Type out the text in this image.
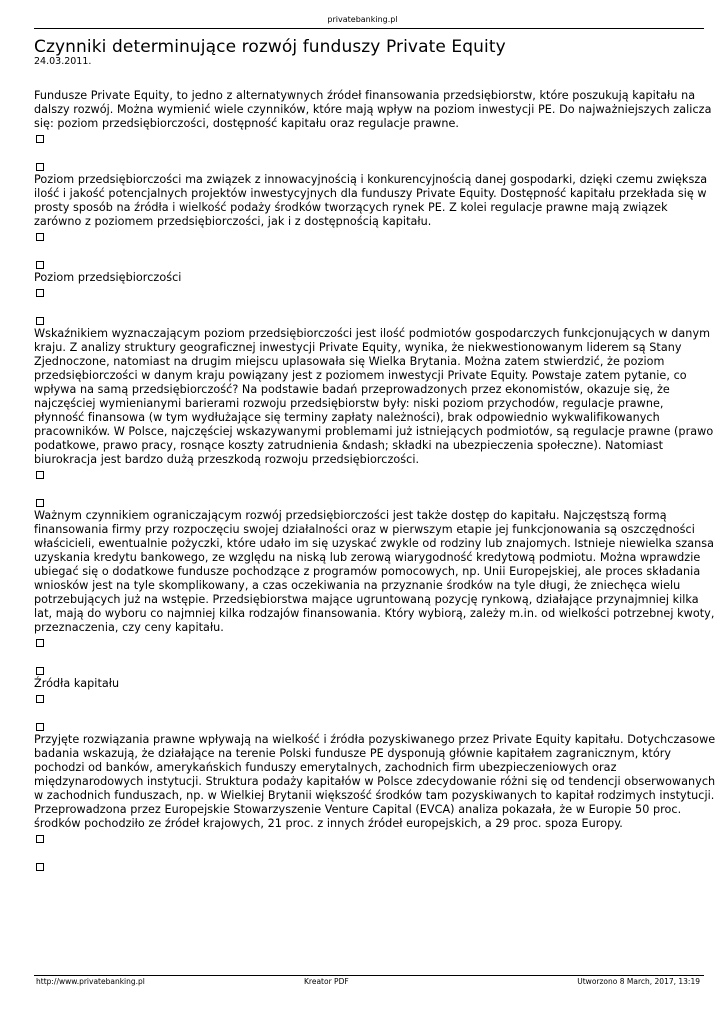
privatebanking.pl
Czynniki determinujące rozwój funduszy Private Equity
24.03.2011.

Fundusze Private Equity, to jedno z alternatywnych źródeł finansowania przedsiębiorstw, które poszukują kapitału na dalszy rozwój. Można wymienić wiele czynników, które mają wpływ na poziom inwestycji PE. Do najważniejszych zalicza się: poziom przedsiębiorczości, dostępność kapitału oraz regulacje prawne.

Poziom przedsiębiorczości ma związek z innowacyjnością i konkurencyjnością danej gospodarki, dzięki czemu zwiększa ilość i jakość potencjalnych projektów inwestycyjnych dla funduszy Private Equity. Dostępność kapitału przekłada się w prosty sposób na źródła i wielkość podaży środków tworzących rynek PE. Z kolei regulacje prawne mają związek zarówno z poziomem przedsiębiorczości, jak i z dostępnością kapitału.

Poziom przedsiębiorczości

Wskaźnikiem wyznaczającym poziom przedsiębiorczości jest ilość podmiotów gospodarczych funkcjonujących w danym kraju. Z analizy struktury geograficznej inwestycji Private Equity, wynika, że niekwestionowanym liderem są Stany Zjednoczone, natomiast na drugim miejscu uplasowała się Wielka Brytania. Można zatem stwierdzić, że poziom przedsiębiorczości w danym kraju powiązany jest z poziomem inwestycji Private Equity. Powstaje zatem pytanie, co wpływa na samą przedsiębiorczość? Na podstawie badań przeprowadzonych przez ekonomistów, okazuje się, że najczęściej wymienianymi barierami rozwoju przedsiębiorstw były: niski poziom przychodów, regulacje prawne, płynność finansowa (w tym wydłużające się terminy zapłaty należności), brak odpowiednio wykwalifikowanych pracowników. W Polsce, najczęściej wskazywanymi problemami już istniejących podmiotów, są regulacje prawne (prawo podatkowe, prawo pracy, rosnące koszty zatrudnienia &ndash; składki na ubezpieczenia społeczne). Natomiast biurokracja jest bardzo dużą przeszkodą rozwoju przedsiębiorczości.

Ważnym czynnikiem ograniczającym rozwój przedsiębiorczości jest także dostęp do kapitału. Najczęstszą formą finansowania firmy przy rozpoczęciu swojej działalności oraz w pierwszym etapie jej funkcjonowania są oszczędności właścicieli, ewentualnie pożyczki, które udało im się uzyskać zwykle od rodziny lub znajomych. Istnieje niewielka szansa uzyskania kredytu bankowego, ze względu na niską lub zerową wiarygodność kredytową podmiotu. Można wprawdzie ubiegać się o dodatkowe fundusze pochodzące z programów pomocowych, np. Unii Europejskiej, ale proces składania wniosków jest na tyle skomplikowany, a czas oczekiwania na przyznanie środków na tyle długi, że zniechęca wielu potrzebujących już na wstępie. Przedsiębiorstwa mające ugruntowaną pozycję rynkową, działające przynajmniej kilka lat, mają do wyboru co najmniej kilka rodzajów finansowania. Który wybiorą, zależy m.in. od wielkości potrzebnej kwoty, przeznaczenia, czy ceny kapitału.

Źródła kapitału

Przyjęte rozwiązania prawne wpływają na wielkość i źródła pozyskiwanego przez Private Equity kapitału. Dotychczasowe badania wskazują, że działające na terenie Polski fundusze PE dysponują głównie kapitałem zagranicznym, który pochodzi od banków, amerykańskich funduszy emerytalnych, zachodnich firm ubezpieczeniowych oraz międzynarodowych instytucji. Struktura podaży kapitałów w Polsce zdecydowanie różni się od tendencji obserwowanych w zachodnich funduszach, np. w Wielkiej Brytanii większość środków tam pozyskiwanych to kapitał rodzimych instytucji. Przeprowadzona przez Europejskie Stowarzyszenie Venture Capital (EVCA) analiza pokazała, że w Europie 50 proc. środków pochodziło ze źródeł krajowych, 21 proc. z innych źródeł europejskich, a 29 proc. spoza Europy.

http://www.privatebanking.pl	Kreator PDF	Utworzono 8 March, 2017, 13:19
